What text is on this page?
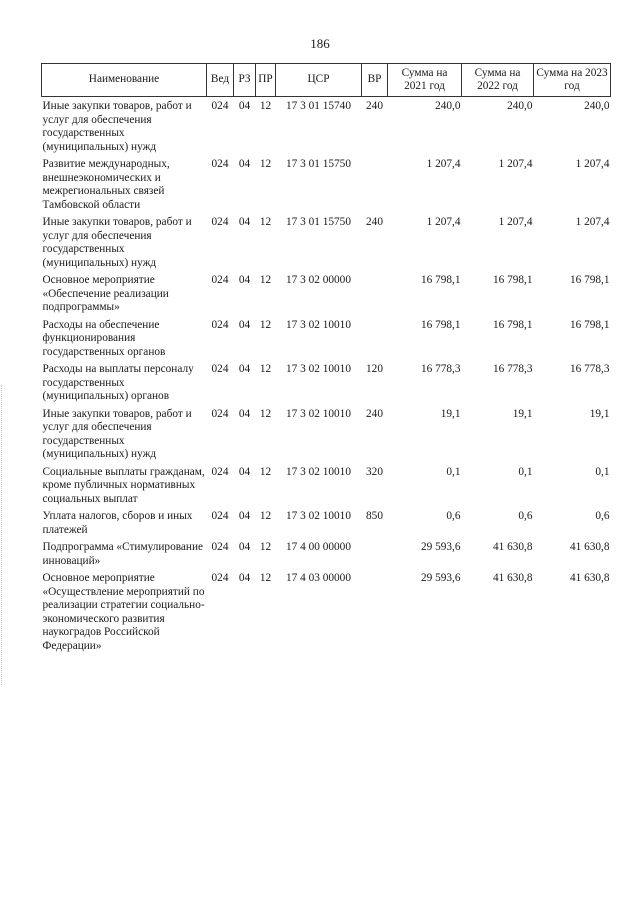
186
Наименование	Вед	РЗ	ПР	ЦСР	ВР	Сумма на 2021 год	Сумма на 2022 год	Сумма на 2023 год
Иные закупки товаров, работ и услуг для обеспечения государственных (муниципальных) нужд	024	04	12	17 3 01 15740	240	240,0	240,0	240,0
Развитие международных, внешнеэкономических и межрегиональных связей Тамбовской области	024	04	12	17 3 01 15750		1 207,4	1 207,4	1 207,4
Иные закупки товаров, работ и услуг для обеспечения государственных (муниципальных) нужд	024	04	12	17 3 01 15750	240	1 207,4	1 207,4	1 207,4
Основное мероприятие «Обеспечение реализации подпрограммы»	024	04	12	17 3 02 00000		16 798,1	16 798,1	16 798,1
Расходы на обеспечение функционирования государственных органов	024	04	12	17 3 02 10010		16 798,1	16 798,1	16 798,1
Расходы на выплаты персоналу государственных (муниципальных) органов	024	04	12	17 3 02 10010	120	16 778,3	16 778,3	16 778,3
Иные закупки товаров, работ и услуг для обеспечения государственных (муниципальных) нужд	024	04	12	17 3 02 10010	240	19,1	19,1	19,1
Социальные выплаты гражданам, кроме публичных нормативных социальных выплат	024	04	12	17 3 02 10010	320	0,1	0,1	0,1
Уплата налогов, сборов и иных платежей	024	04	12	17 3 02 10010	850	0,6	0,6	0,6
Подпрограмма «Стимулирование инноваций»	024	04	12	17 4 00 00000		29 593,6	41 630,8	41 630,8
Основное мероприятие «Осуществление мероприятий по реализации стратегии социально-экономического развития наукоградов Российской Федерации»	024	04	12	17 4 03 00000		29 593,6	41 630,8	41 630,8
